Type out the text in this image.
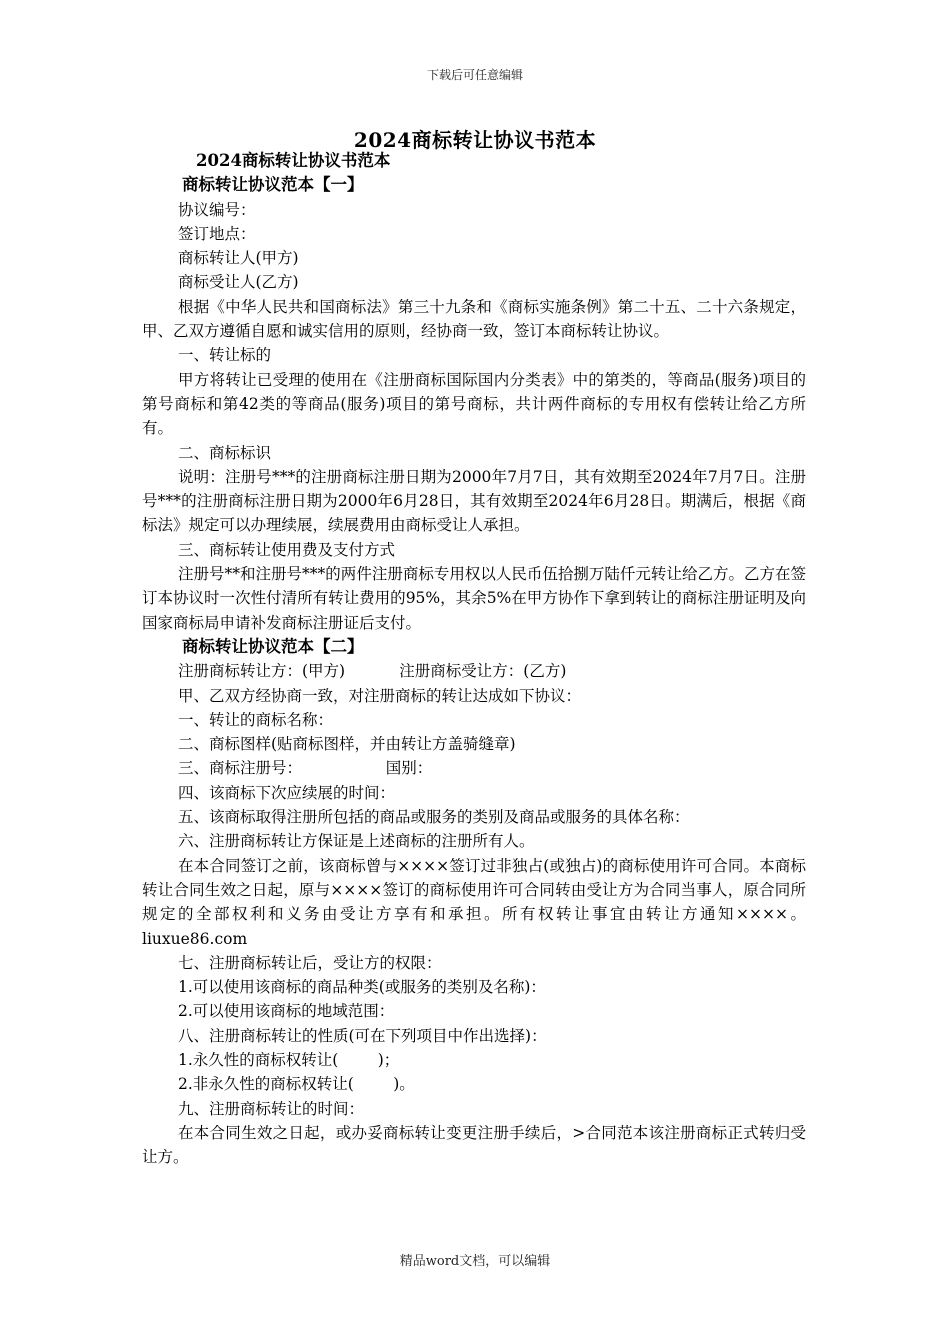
下载后可任意编辑
2024商标转让协议书范本
2024商标转让协议书范本
商标转让协议范本【一】

协议编号：

签订地点：

商标转让人(甲方)

商标受让人(乙方)

根据《中华人民共和国商标法》第三十九条和《商标实施条例》第二十五、二十六条规定，甲、乙双方遵循自愿和诚实信用的原则，经协商一致，签订本商标转让协议。

一、转让标的

甲方将转让已受理的使用在《注册商标国际国内分类表》中的第类的，等商品(服务)项目的第号商标和第42类的等商品(服务)项目的第号商标，共计两件商标的专用权有偿转让给乙方所有。

二、商标标识

说明：注册号***的注册商标注册日期为2000年7月7日，其有效期至2024年7月7日。注册号***的注册商标注册日期为2000年6月28日，其有效期至2024年6月28日。期满后，根据《商标法》规定可以办理续展，续展费用由商标受让人承担。

三、商标转让使用费及支付方式

注册号**和注册号***的两件注册商标专用权以人民币伍拾捌万陆仟元转让给乙方。乙方在签订本协议时一次性付清所有转让费用的95%，其余5%在甲方协作下拿到转让的商标注册证明及向国家商标局申请补发商标注册证后支付。

商标转让协议范本【二】

注册商标转让方：(甲方)           注册商标受让方：(乙方)

甲、乙双方经协商一致，对注册商标的转让达成如下协议：

一、转让的商标名称：

二、商标图样(贴商标图样，并由转让方盖骑缝章)

三、商标注册号：                 国别：

四、该商标下次应续展的时间：

五、该商标取得注册所包括的商品或服务的类别及商品或服务的具体名称：

六、注册商标转让方保证是上述商标的注册所有人。

在本合同签订之前，该商标曾与××××签订过非独占(或独占)的商标使用许可合同。本商标转让合同生效之日起，原与××××签订的商标使用许可合同转由受让方为合同当事人，原合同所规定的全部权利和义务由受让方享有和承担。所有权转让事宜由转让方通知××××。liuxue86.com

七、注册商标转让后，受让方的权限：

1.可以使用该商标的商品种类(或服务的类别及名称)：

2.可以使用该商标的地域范围：

八、注册商标转让的性质(可在下列项目中作出选择)：

1.永久性的商标权转让(        )；

2.非永久性的商标权转让(        )。

九、注册商标转让的时间：

在本合同生效之日起，或办妥商标转让变更注册手续后，>合同范本该注册商标正式转归受让方。

精品word文档，可以编辑
